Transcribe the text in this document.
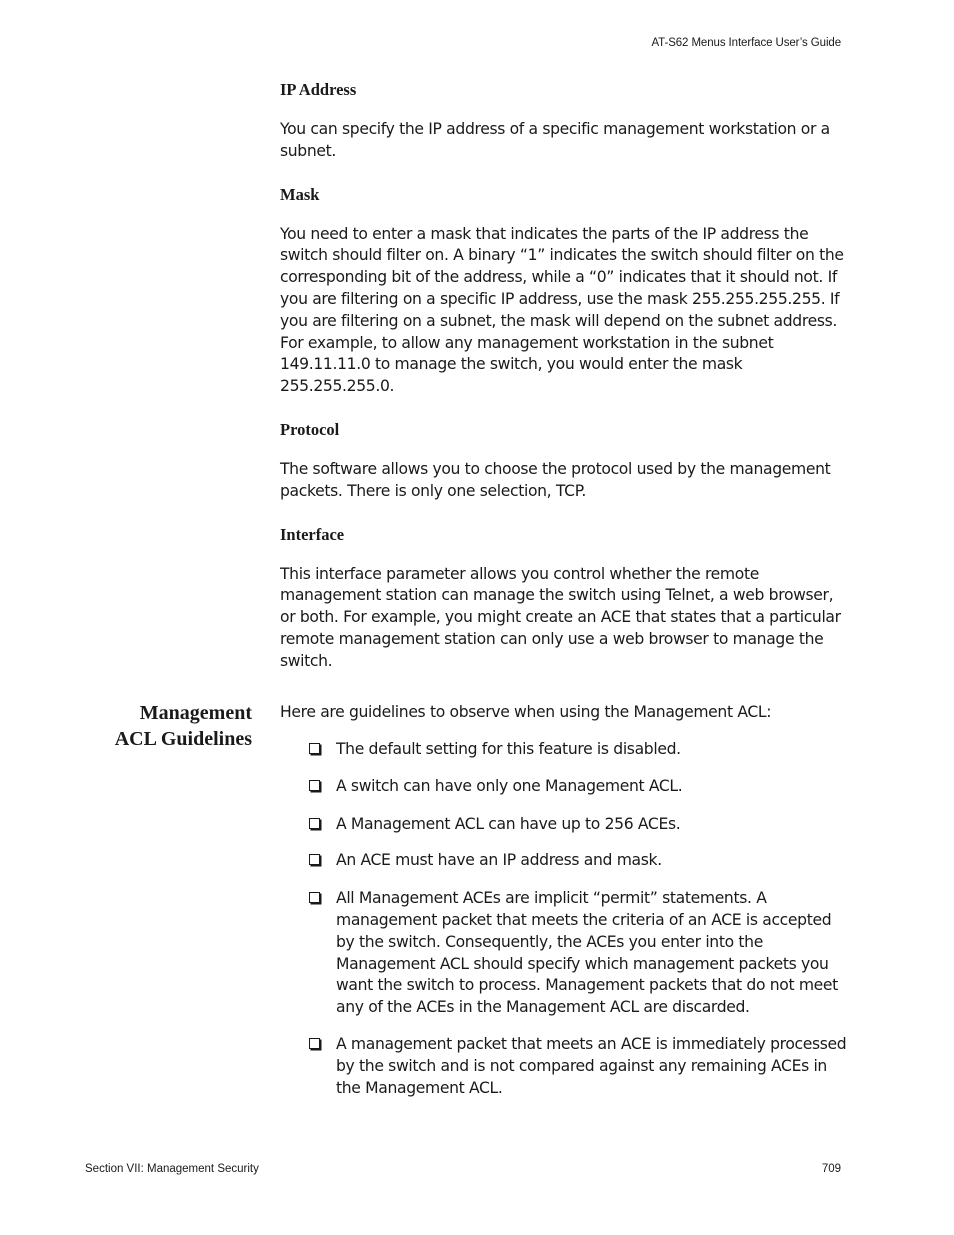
AT-S62 Menus Interface User’s Guide
IP Address

You can specify the IP address of a specific management workstation or a subnet.

Mask

You need to enter a mask that indicates the parts of the IP address the switch should filter on. A binary “1” indicates the switch should filter on the corresponding bit of the address, while a “0” indicates that it should not. If you are filtering on a specific IP address, use the mask 255.255.255.255. If you are filtering on a subnet, the mask will depend on the subnet address. For example, to allow any management workstation in the subnet 149.11.11.0 to manage the switch, you would enter the mask 255.255.255.0.

Protocol

The software allows you to choose the protocol used by the management packets. There is only one selection, TCP.

Interface

This interface parameter allows you control whether the remote management station can manage the switch using Telnet, a web browser, or both. For example, you might create an ACE that states that a particular remote management station can only use a web browser to manage the switch.

Management
ACL Guidelines

Here are guidelines to observe when using the Management ACL:

The default setting for this feature is disabled.
A switch can have only one Management ACL.
A Management ACL can have up to 256 ACEs.
An ACE must have an IP address and mask.
All Management ACEs are implicit “permit” statements. A management packet that meets the criteria of an ACE is accepted by the switch. Consequently, the ACEs you enter into the Management ACL should specify which management packets you want the switch to process. Management packets that do not meet any of the ACEs in the Management ACL are discarded.
A management packet that meets an ACE is immediately processed by the switch and is not compared against any remaining ACEs in the Management ACL.
Section VII: Management Security	709
